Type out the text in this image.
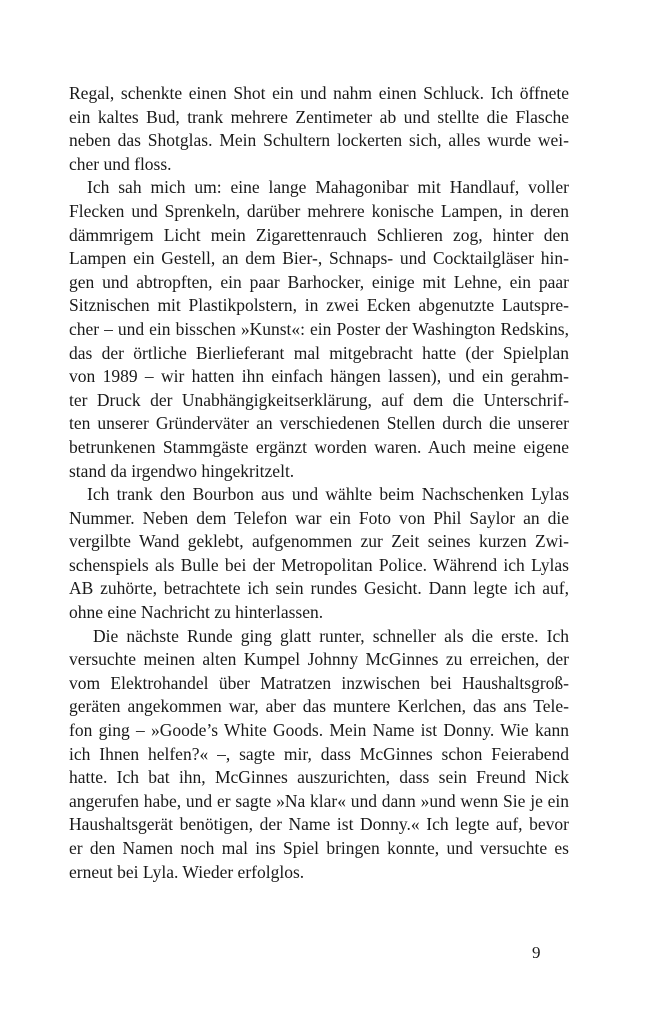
Regal, schenkte einen Shot ein und nahm einen Schluck. Ich öffnete
ein kaltes Bud, trank mehrere Zentimeter ab und stellte die Flasche
neben das Shotglas. Mein Schultern lockerten sich, alles wurde wei-
cher und floss.

Ich sah mich um: eine lange Mahagonibar mit Handlauf, voller
Flecken und Sprenkeln, darüber mehrere konische Lampen, in deren
dämmrigem Licht mein Zigarettenrauch Schlieren zog, hinter den
Lampen ein Gestell, an dem Bier-, Schnaps- und Cocktailgläser hin-
gen und abtropften, ein paar Barhocker, einige mit Lehne, ein paar
Sitznischen mit Plastikpolstern, in zwei Ecken abgenutzte Lautspre-
cher – und ein bisschen »Kunst«: ein Poster der Washington Redskins,
das der örtliche Bierlieferant mal mitgebracht hatte (der Spielplan
von 1989 – wir hatten ihn einfach hängen lassen), und ein gerahm-
ter Druck der Unabhängigkeitserklärung, auf dem die Unterschrif-
ten unserer Gründerväter an verschiedenen Stellen durch die unserer
betrunkenen Stammgäste ergänzt worden waren. Auch meine eigene
stand da irgendwo hingekritzelt.

Ich trank den Bourbon aus und wählte beim Nachschenken Lylas
Nummer. Neben dem Telefon war ein Foto von Phil Saylor an die
vergilbte Wand geklebt, aufgenommen zur Zeit seines kurzen Zwi-
schenspiels als Bulle bei der Metropolitan Police. Während ich Lylas
AB zuhörte, betrachtete ich sein rundes Gesicht. Dann legte ich auf,
ohne eine Nachricht zu hinterlassen.

Die nächste Runde ging glatt runter, schneller als die erste. Ich
versuchte meinen alten Kumpel Johnny McGinnes zu erreichen, der
vom Elektrohandel über Matratzen inzwischen bei Haushaltsgroß-
geräten angekommen war, aber das muntere Kerlchen, das ans Tele-
fon ging – »Goode’s White Goods. Mein Name ist Donny. Wie kann
ich Ihnen helfen?« –, sagte mir, dass McGinnes schon Feierabend
hatte. Ich bat ihn, McGinnes auszurichten, dass sein Freund Nick
angerufen habe, und er sagte »Na klar« und dann »und wenn Sie je ein
Haushaltsgerät benötigen, der Name ist Donny.« Ich legte auf, bevor
er den Namen noch mal ins Spiel bringen konnte, und versuchte es
erneut bei Lyla. Wieder erfolglos.

9
